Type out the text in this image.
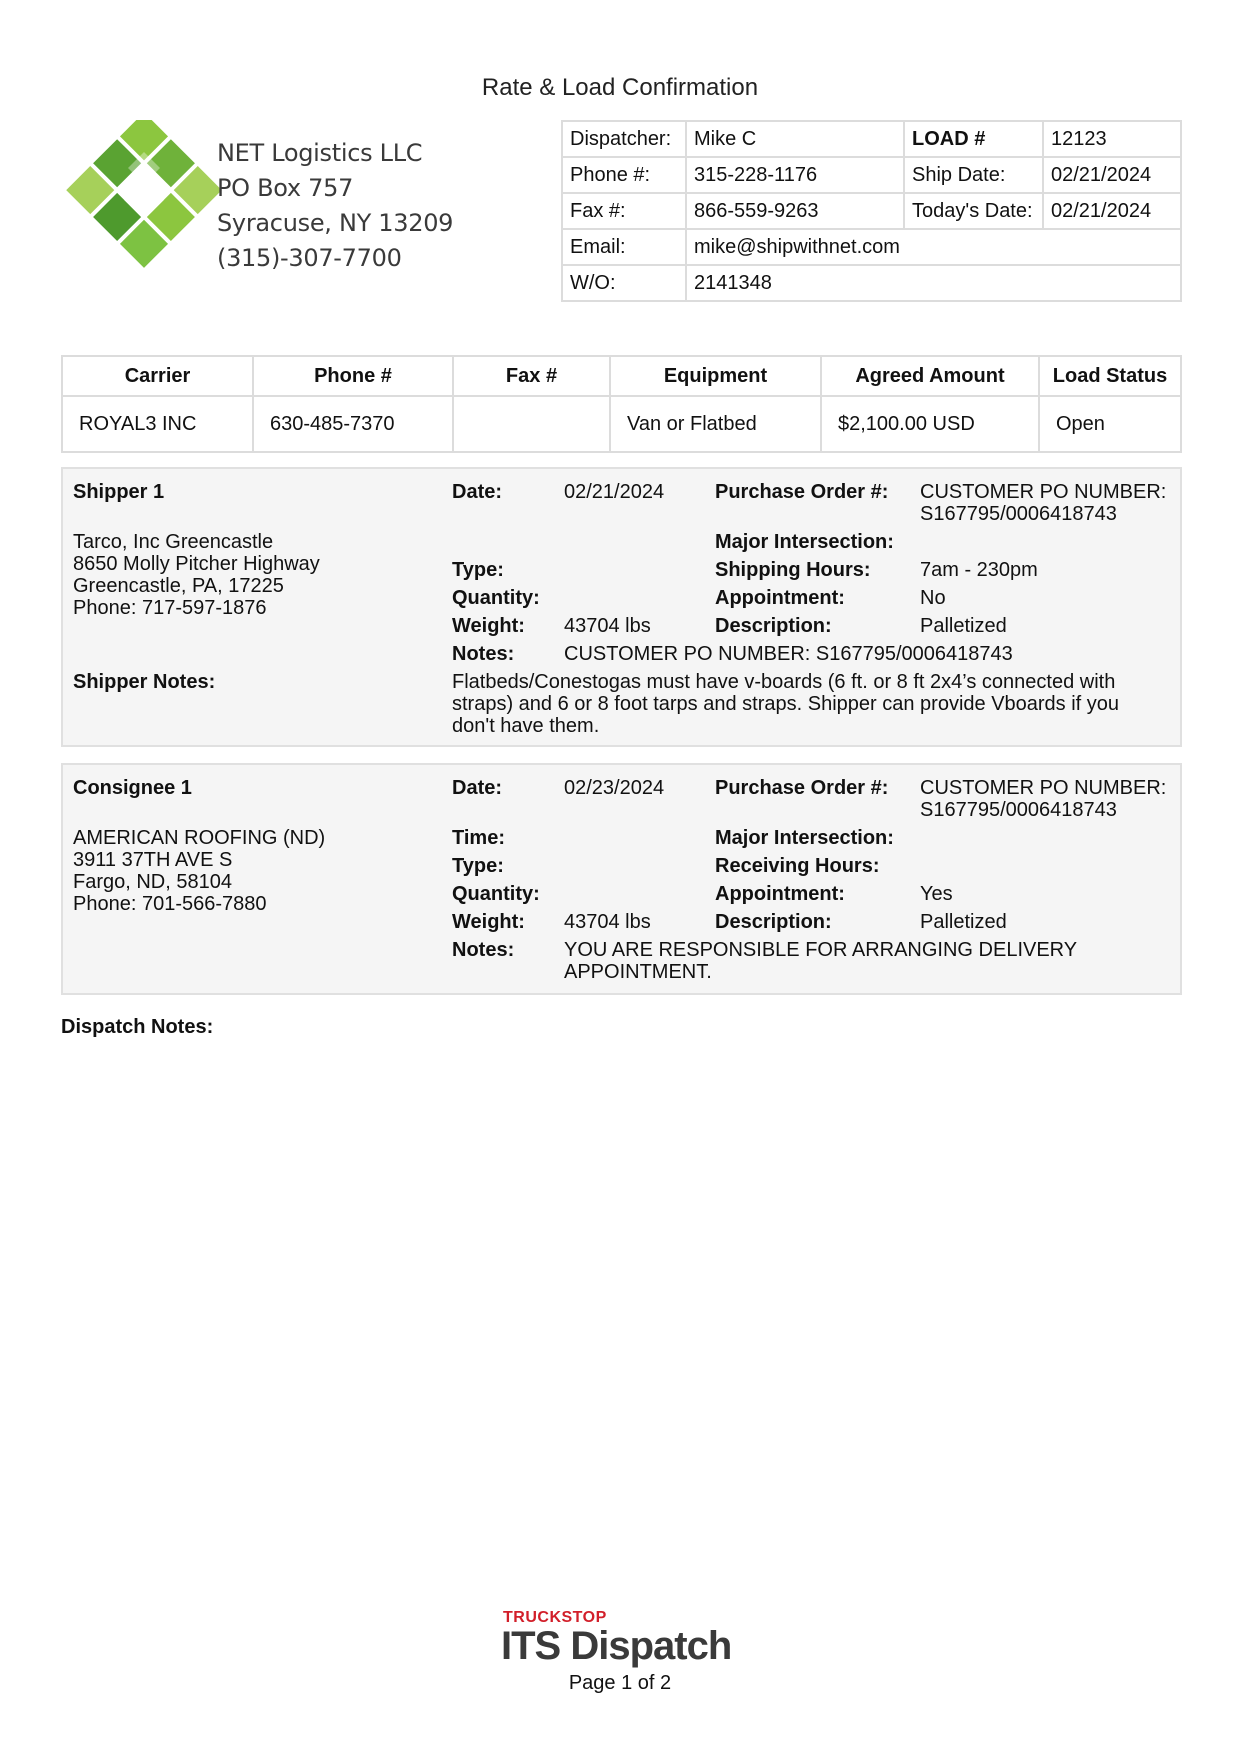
Rate & Load Confirmation
NET Logistics LLC
PO Box 757
Syracuse, NY 13209
(315)-307-7700
Dispatcher:	Mike C	LOAD #	12123
Phone #:	315-228-1176	Ship Date:	02/21/2024
Fax #:	866-559-9263	Today's Date:	02/21/2024
Email:	mike@shipwithnet.com		
W/O:	2141348		
Carrier	Phone #	Fax #	Equipment	Agreed Amount	Load Status
ROYAL3 INC	630-485-7370		Van or Flatbed	$2,100.00 USD	Open
Shipper 1
Tarco, Inc Greencastle
8650 Molly Pitcher Highway
Greencastle, PA, 17225
Phone: 717-597-1876
Date:	02/21/2024
Type:
Quantity:
Weight: 43704 lbs
Notes: CUSTOMER PO NUMBER: S167795/0006418743
Purchase Order #: CUSTOMER PO NUMBER:
S167795/0006418743
Major Intersection:
Shipping Hours: 7am - 230pm
Appointment:	No
Description:	Palletized
Shipper Notes:	Flatbeds/Conestogas must have v-boards (6 ft. or 8 ft 2x4’s connected with straps) and 6 or 8 foot tarps and straps. Shipper can provide Vboards if you don't have them.
Consignee 1
AMERICAN ROOFING (ND)
3911 37TH AVE S
Fargo, ND, 58104
Phone: 701-566-7880
Date:	02/23/2024
Time:
Type:
Quantity:
Weight: 43704 lbs
Notes: YOU ARE RESPONSIBLE FOR ARRANGING DELIVERY APPOINTMENT.
Purchase Order #: CUSTOMER PO NUMBER:
S167795/0006418743
Major Intersection:
Receiving Hours:
Appointment:	Yes
Description:	Palletized
Dispatch Notes:
TRUCKSTOP
ITS Dispatch
Page 1 of 2
